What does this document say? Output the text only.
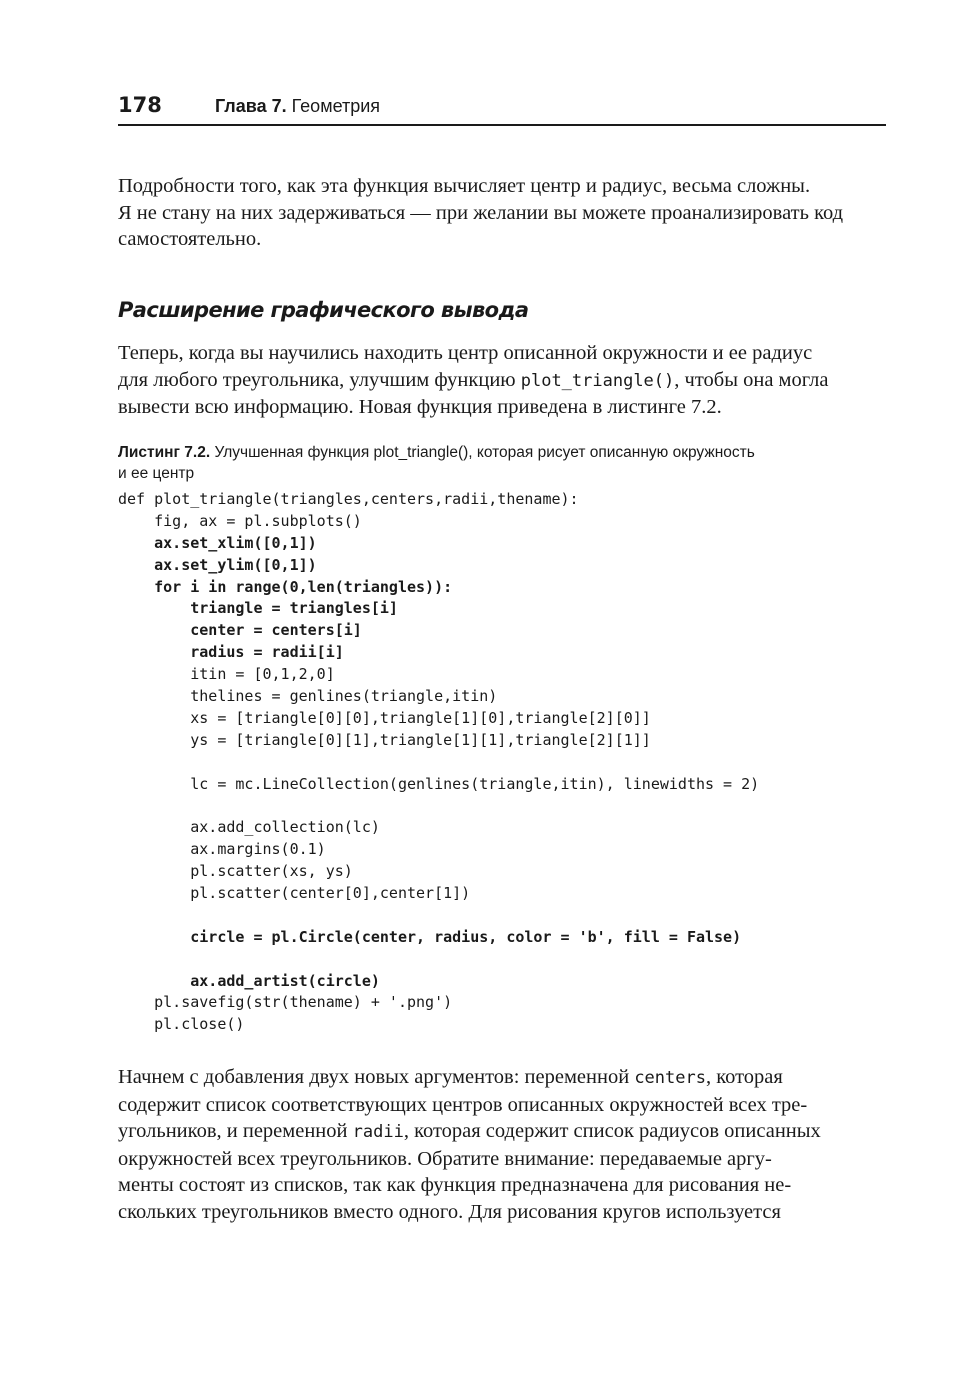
178	Глава 7. Геометрия

Подробности того, как эта функция вычисляет центр и радиус, весьма сложны.
Я не стану на них задерживаться — при желании вы можете проанализировать код
самостоятельно.

Расширение графического вывода

Теперь, когда вы научились находить центр описанной окружности и ее радиус
для любого треугольника, улучшим функцию plot_triangle(), чтобы она могла
вывести всю информацию. Новая функция приведена в листинге 7.2.

Листинг 7.2. Улучшенная функция plot_triangle(), которая рисует описанную окружность
и ее центр

def plot_triangle(triangles,centers,radii,thename):
fig, ax = pl.subplots()
ax.set_xlim([0,1])
ax.set_ylim([0,1])
for i in range(0,len(triangles)):
triangle = triangles[i]
center = centers[i]
radius = radii[i]
itin = [0,1,2,0]
thelines = genlines(triangle,itin)
xs = [triangle[0][0],triangle[1][0],triangle[2][0]]
ys = [triangle[0][1],triangle[1][1],triangle[2][1]]
lc = mc.LineCollection(genlines(triangle,itin), linewidths = 2)
ax.add_collection(lc)
ax.margins(0.1)
pl.scatter(xs, ys)
pl.scatter(center[0],center[1])
circle = pl.Circle(center, radius, color = 'b', fill = False)
ax.add_artist(circle)
pl.savefig(str(thename) + '.png')
pl.close()

Начнем с добавления двух новых аргументов: переменной centers, которая
содержит список соответствующих центров описанных окружностей всех тре-
угольников, и переменной radii, которая содержит список радиусов описанных
окружностей всех треугольников. Обратите внимание: передаваемые аргу-
менты состоят из списков, так как функция предназначена для рисования не-
скольких треугольников вместо одного. Для рисования кругов используется
